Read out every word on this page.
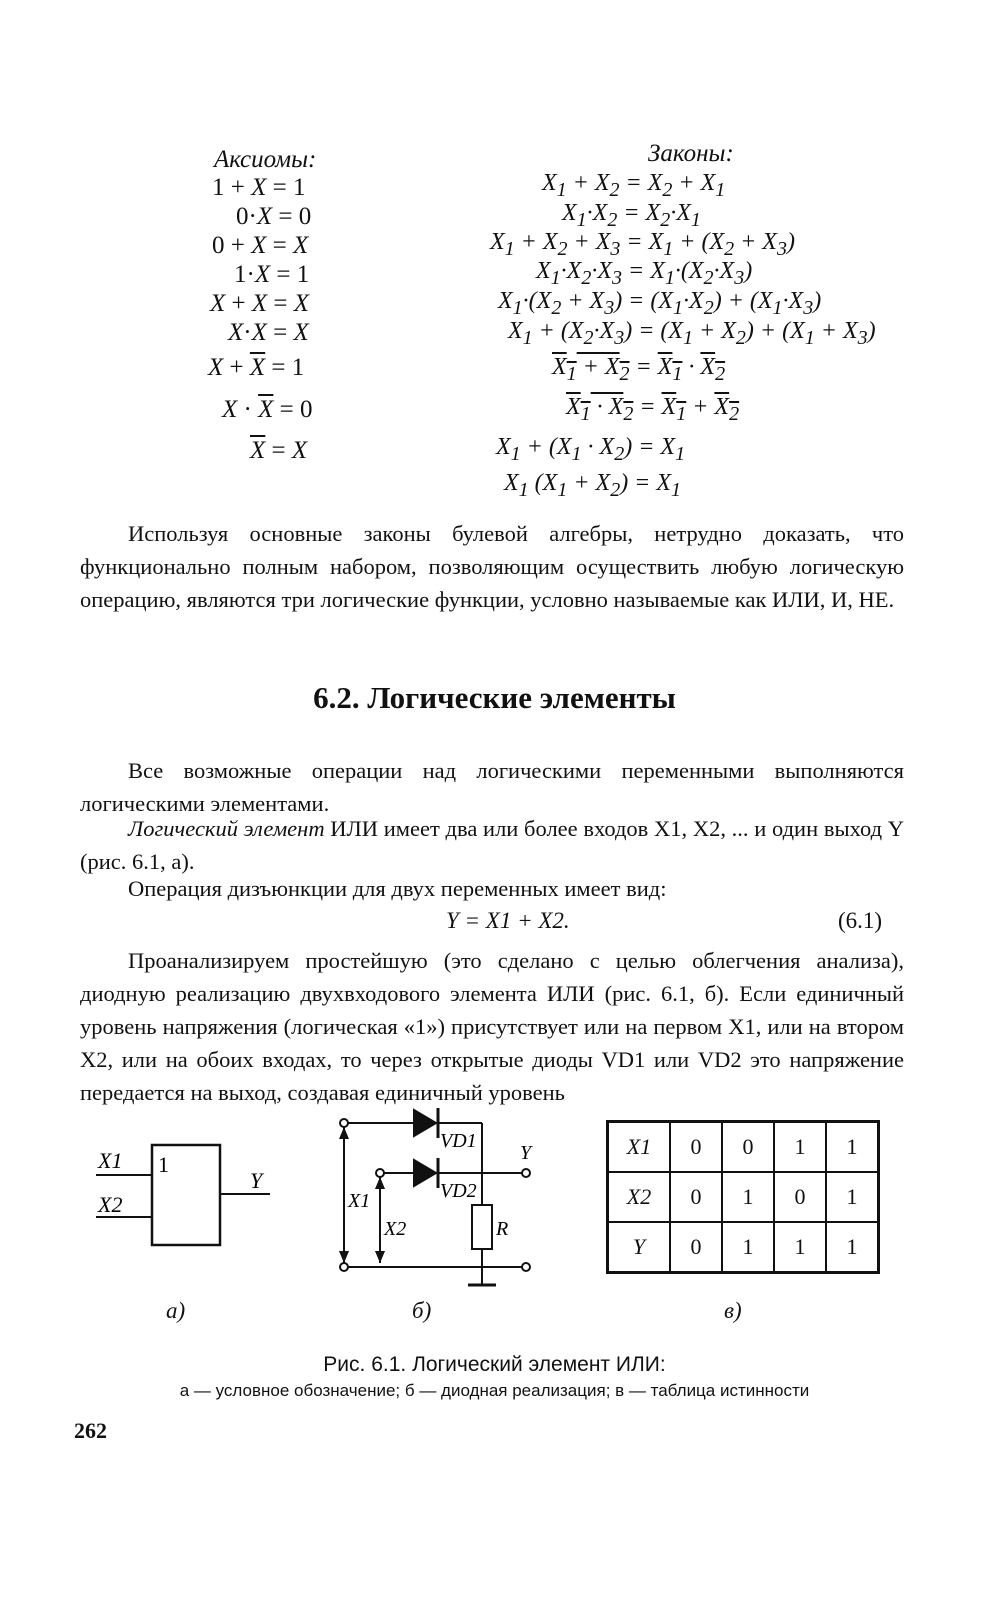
Аксиомы:
1 + X = 1
0·X = 0
0 + X = X
1·X = 1
X + X = X
X·X = X
$X + \overline{X} = 1$
$X \cdot \overline{X} = 0$
$\overline{X} = X$
Законы:
$X_1 + X_2 = X_2 + X_1$
$X_1\cdot X_2 = X_2\cdot X_1$
$X_1 + X_2 + X_3 = X_1 + (X_2 + X_3)$
$X_1\cdot X_2\cdot X_3 = X_1\cdot(X_2\cdot X_3)$
$X_1\cdot(X_2 + X_3) = (X_1\cdot X_2) + (X_1\cdot X_3)$
$X_1 + (X_2\cdot X_3) = (X_1 + X_2) + (X_1 + X_3)$
$X_1 + X_2 = X_1 \cdot X_2$
$X_1 \cdot X_2 = X_1 + X_2$
$X_1 + (X_1 \cdot X_2) = X_1$
$X_1$ $(X_1 + X_2) = X_1$
Используя основные законы булевой алгебры, нетрудно доказать, что функционально полным набором, позволяющим осуществить любую логическую операцию, являются три логические функции, условно называемые как ИЛИ, И, НЕ.
6.2. Логические элементы
Все возможные операции над логическими переменными выполняются логическими элементами.
Логический элемент ИЛИ имеет два или более входов X1, X2, ... и один выход Y (рис. 6.1, а).
Операция дизъюнкции для двух переменных имеет вид:
Y = X1 + X2.	(6.1)
Проанализируем простейшую (это сделано с целью облегчения анализа), диодную реализацию двухвходового элемента ИЛИ (рис. 6.1, б). Если единичный уровень напряжения (логическая «1») присутствует или на первом X1, или на втором X2, или на обоих входах, то через открытые диоды VD1 или VD2 это напряжение передается на выход, создавая единичный уровень
X1
X2
1
Y
VD1
VD2
R
Y
X1
X2
X1	0	0	1	1
X2	0	1	0	1
Y	0	1	1	1
а)	б)	в)
Рис. 6.1. Логический элемент ИЛИ:
а — условное обозначение; б — диодная реализация; в — таблица истинности
262
